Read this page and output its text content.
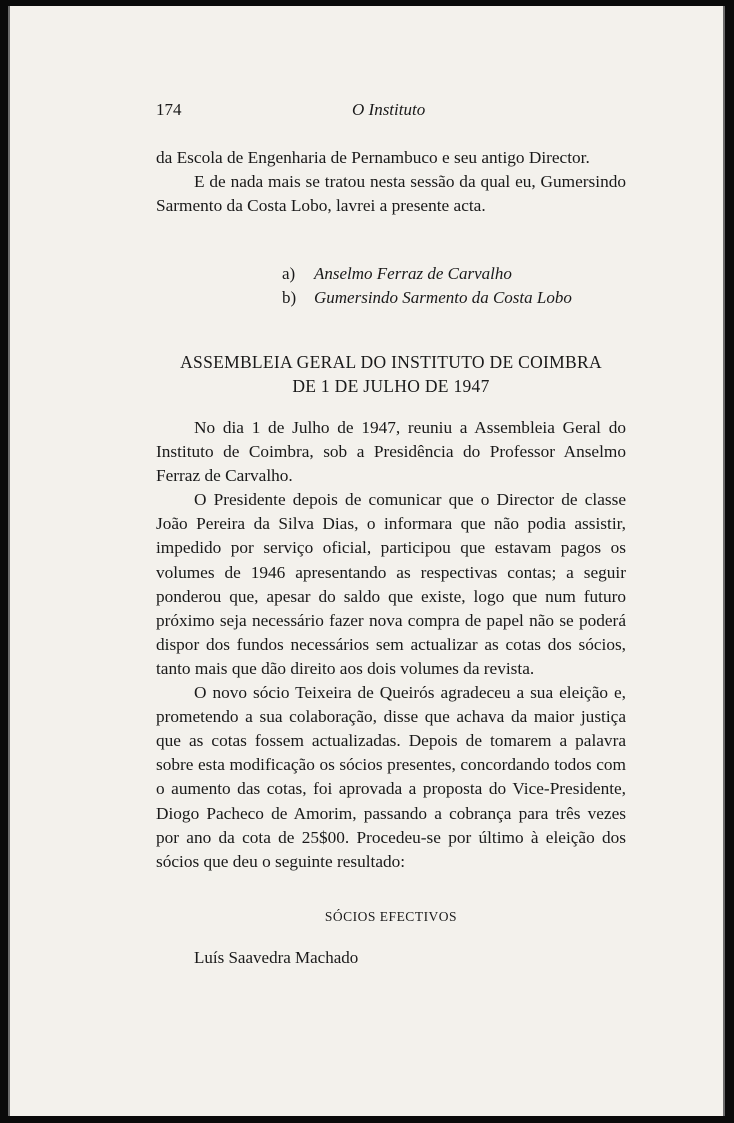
174	O Instituto

da Escola de Engenharia de Pernambuco e seu antigo Director.

E de nada mais se tratou nesta sessão da qual eu, Gumersindo Sarmento da Costa Lobo, lavrei a presente acta.

a) Anselmo Ferraz de Carvalho
b) Gumersindo Sarmento da Costa Lobo
ASSEMBLEIA GERAL DO INSTITUTO DE COIMBRA
DE 1 DE JULHO DE 1947

No dia 1 de Julho de 1947, reuniu a Assembleia Geral do Instituto de Coimbra, sob a Presidência do Professor Anselmo Ferraz de Carvalho.

O Presidente depois de comunicar que o Director de classe João Pereira da Silva Dias, o informara que não podia assistir, impedido por serviço oficial, participou que estavam pagos os volumes de 1946 apresentando as respectivas contas; a seguir ponderou que, apesar do saldo que existe, logo que num futuro próximo seja necessário fazer nova compra de papel não se poderá dispor dos fundos necessários sem actualizar as cotas dos sócios, tanto mais que dão direito aos dois volumes da revista.

O novo sócio Teixeira de Queirós agradeceu a sua eleição e, prometendo a sua colaboração, disse que achava da maior justiça que as cotas fossem actualizadas. Depois de tomarem a palavra sobre esta modificação os sócios presentes, concordando todos com o aumento das cotas, foi aprovada a proposta do Vice-Presidente, Diogo Pacheco de Amorim, passando a cobrança para três vezes por ano da cota de 25$00. Procedeu-se por último à eleição dos sócios que deu o seguinte resultado:

SÓCIOS EFECTIVOS
Luís Saavedra Machado
